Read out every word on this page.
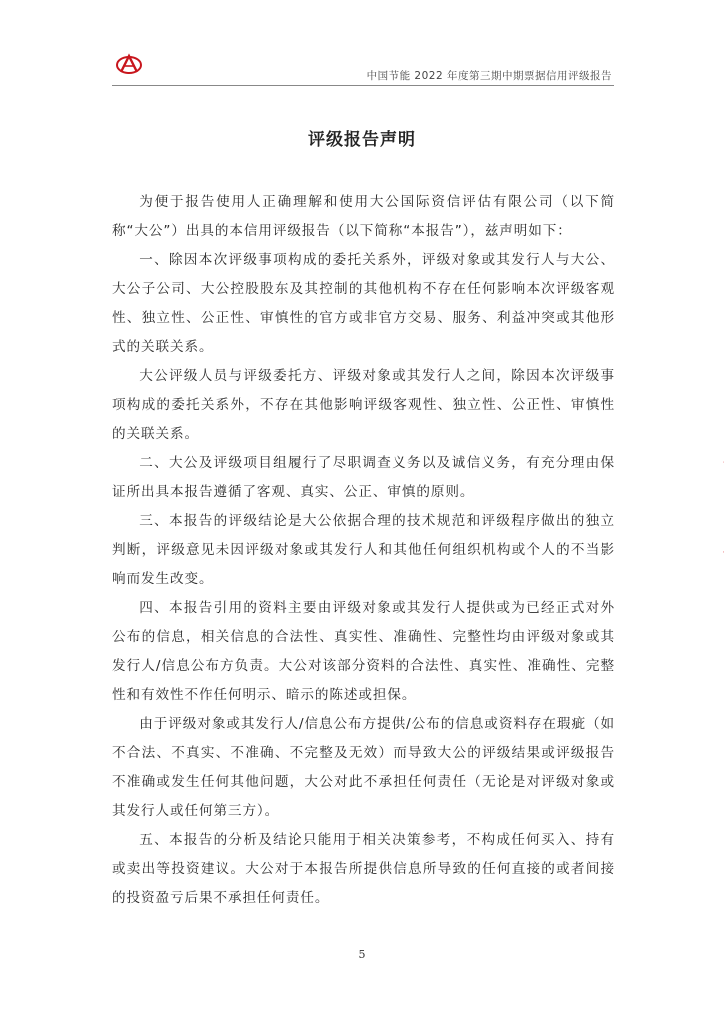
中国节能 2022 年度第三期中期票据信用评级报告
评级报告声明

为便于报告使用人正确理解和使用大公国际资信评估有限公司（以下简称“大公”）出具的本信用评级报告（以下简称“本报告”），兹声明如下：

一、除因本次评级事项构成的委托关系外，评级对象或其发行人与大公、大公子公司、大公控股股东及其控制的其他机构不存在任何影响本次评级客观性、独立性、公正性、审慎性的官方或非官方交易、服务、利益冲突或其他形式的关联关系。

大公评级人员与评级委托方、评级对象或其发行人之间，除因本次评级事项构成的委托关系外，不存在其他影响评级客观性、独立性、公正性、审慎性的关联关系。

二、大公及评级项目组履行了尽职调查义务以及诚信义务，有充分理由保证所出具本报告遵循了客观、真实、公正、审慎的原则。

三、本报告的评级结论是大公依据合理的技术规范和评级程序做出的独立判断，评级意见未因评级对象或其发行人和其他任何组织机构或个人的不当影响而发生改变。

四、本报告引用的资料主要由评级对象或其发行人提供或为已经正式对外公布的信息，相关信息的合法性、真实性、准确性、完整性均由评级对象或其发行人/信息公布方负责。大公对该部分资料的合法性、真实性、准确性、完整性和有效性不作任何明示、暗示的陈述或担保。

由于评级对象或其发行人/信息公布方提供/公布的信息或资料存在瑕疵（如不合法、不真实、不准确、不完整及无效）而导致大公的评级结果或评级报告不准确或发生任何其他问题，大公对此不承担任何责任（无论是对评级对象或其发行人或任何第三方）。

五、本报告的分析及结论只能用于相关决策参考，不构成任何买入、持有或卖出等投资建议。大公对于本报告所提供信息所导致的任何直接的或者间接的投资盈亏后果不承担任何责任。

5
